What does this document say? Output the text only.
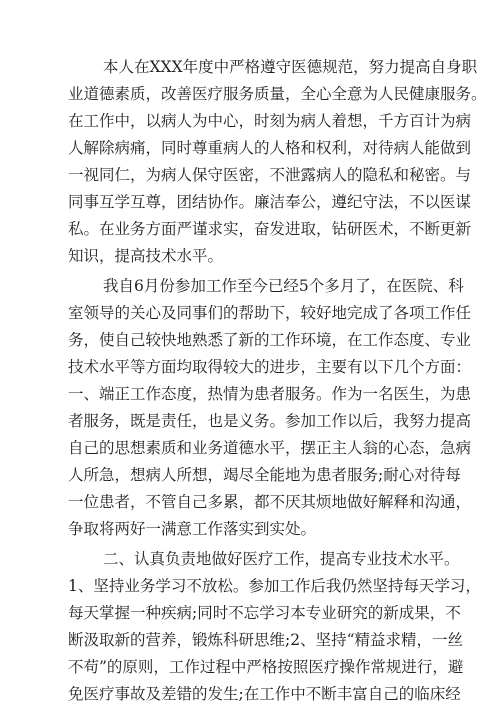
本人在XXX年度中严格遵守医德规范，努力提高自身职
业道德素质，改善医疗服务质量，全心全意为人民健康服务。
在工作中，以病人为中心，时刻为病人着想，千方百计为病
人解除病痛，同时尊重病人的人格和权利，对待病人能做到
一视同仁，为病人保守医密，不泄露病人的隐私和秘密。与
同事互学互尊，团结协作。廉洁奉公，遵纪守法，不以医谋
私。在业务方面严谨求实，奋发进取，钻研医术，不断更新
知识，提高技术水平。
我自6月份参加工作至今已经5个多月了，在医院、科
室领导的关心及同事们的帮助下，较好地完成了各项工作任
务，使自己较快地熟悉了新的工作环境，在工作态度、专业
技术水平等方面均取得较大的进步，主要有以下几个方面：
一、端正工作态度，热情为患者服务。作为一名医生，为患
者服务，既是责任，也是义务。参加工作以后，我努力提高
自己的思想素质和业务道德水平，摆正主人翁的心态，急病
人所急，想病人所想，竭尽全能地为患者服务;耐心对待每
一位患者，不管自己多累，都不厌其烦地做好解释和沟通，
争取将两好一满意工作落实到实处。
二、认真负责地做好医疗工作，提高专业技术水平。
1、坚持业务学习不放松。参加工作后我仍然坚持每天学习，
每天掌握一种疾病;同时不忘学习本专业研究的新成果，不
断汲取新的营养，锻炼科研思维;2、坚持“精益求精，一丝
不苟”的原则，工作过程中严格按照医疗操作常规进行，避
免医疗事故及差错的发生;在工作中不断丰富自己的临床经
